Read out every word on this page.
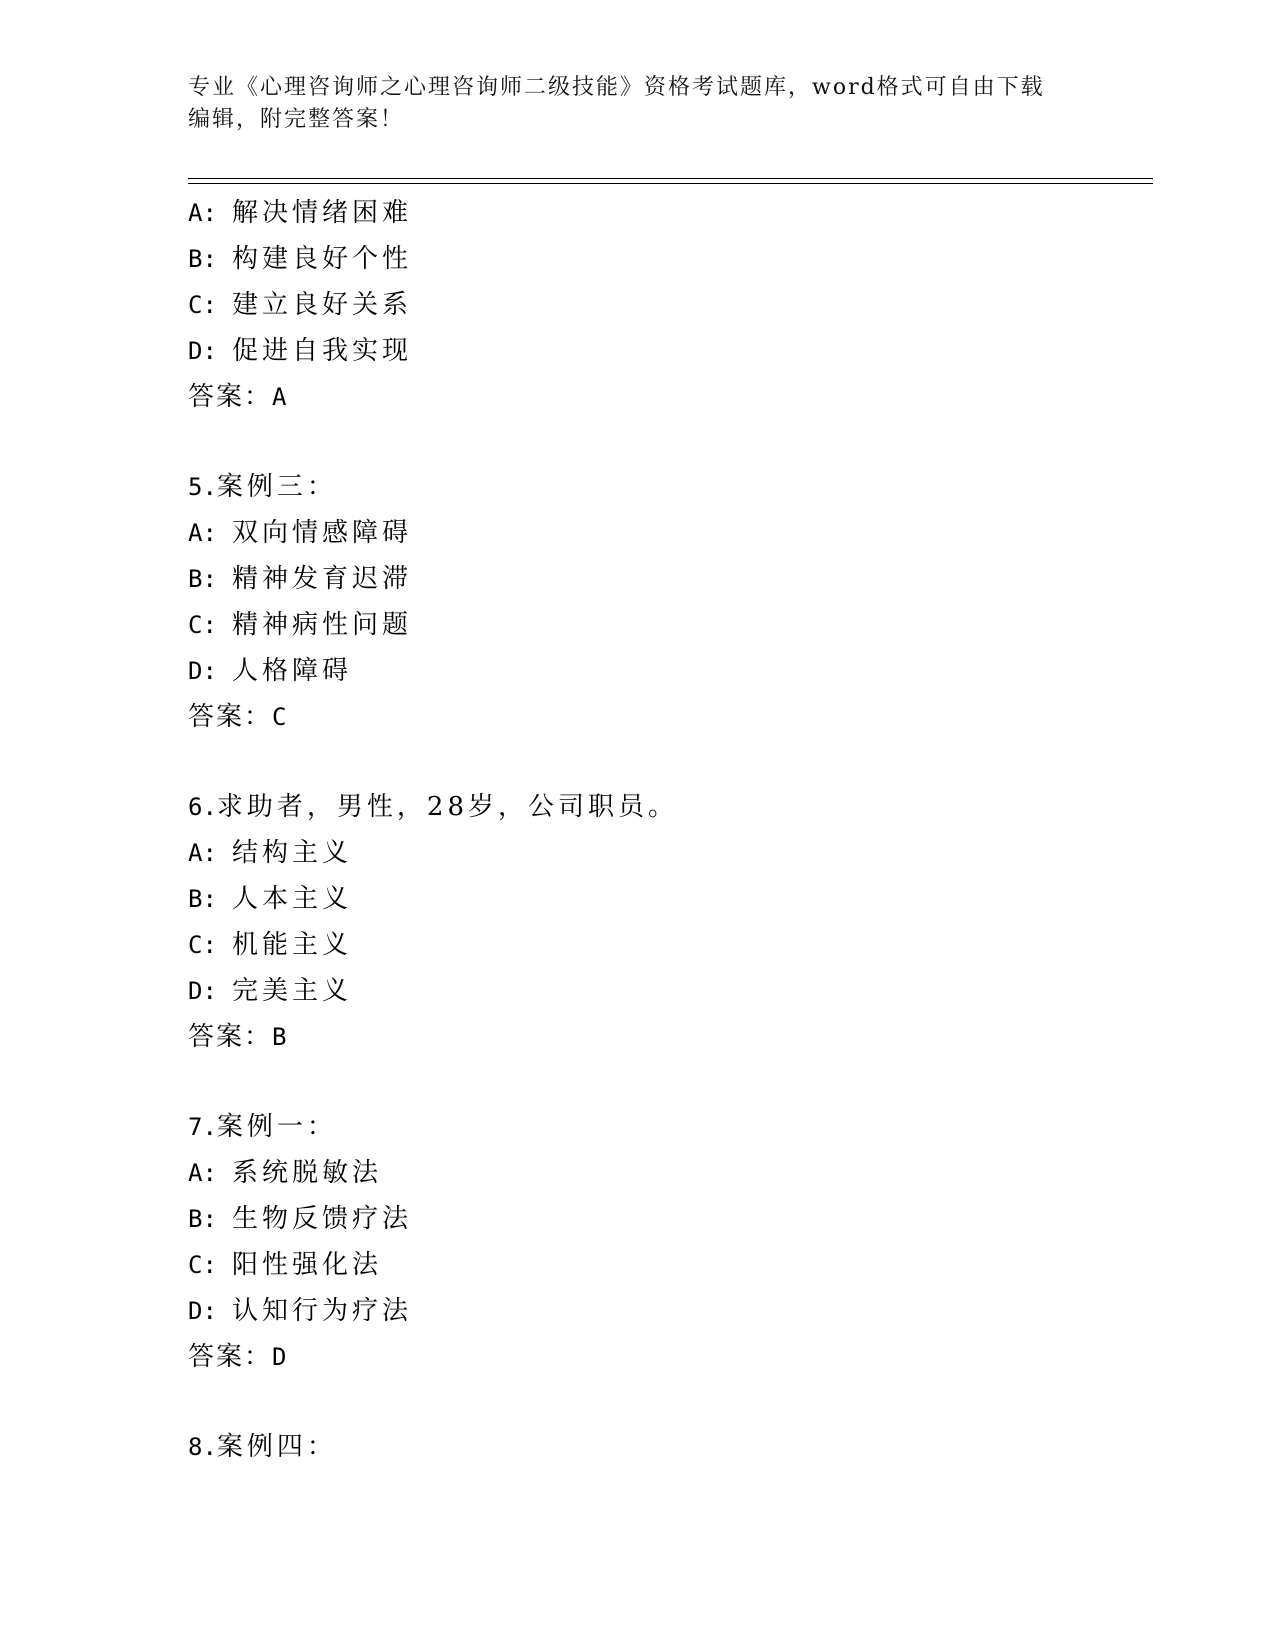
专业《心理咨询师之心理咨询师二级技能》资格考试题库，word格式可自由下载
编辑，附完整答案！
A: 解决情绪困难
B: 构建良好个性
C: 建立良好关系
D: 促进自我实现
答案：A
5.案例三：
A: 双向情感障碍
B: 精神发育迟滞
C: 精神病性问题
D: 人格障碍
答案：C
6.求助者，男性，28岁，公司职员。
A: 结构主义
B: 人本主义
C: 机能主义
D: 完美主义
答案：B
7.案例一：
A: 系统脱敏法
B: 生物反馈疗法
C: 阳性强化法
D: 认知行为疗法
答案：D
8.案例四：
